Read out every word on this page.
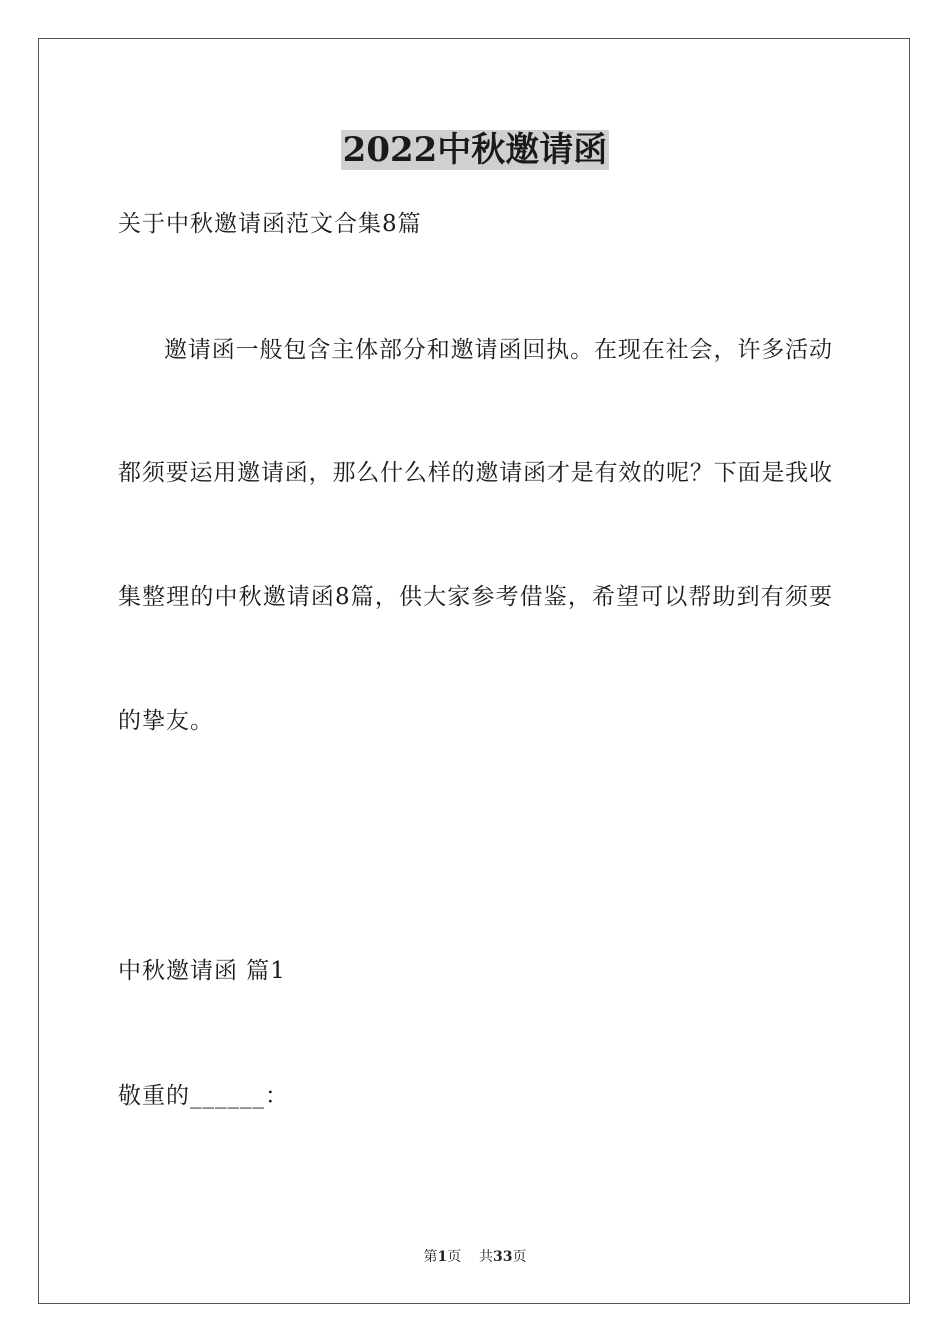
2022中秋邀请函
关于中秋邀请函范文合集8篇
邀请函一般包含主体部分和邀请函回执。在现在社会，许多活动
都须要运用邀请函，那么什么样的邀请函才是有效的呢？下面是我收
集整理的中秋邀请函8篇，供大家参考借鉴，希望可以帮助到有须要
的挚友。
中秋邀请函 篇1
敬重的______：
第1页 共33页
